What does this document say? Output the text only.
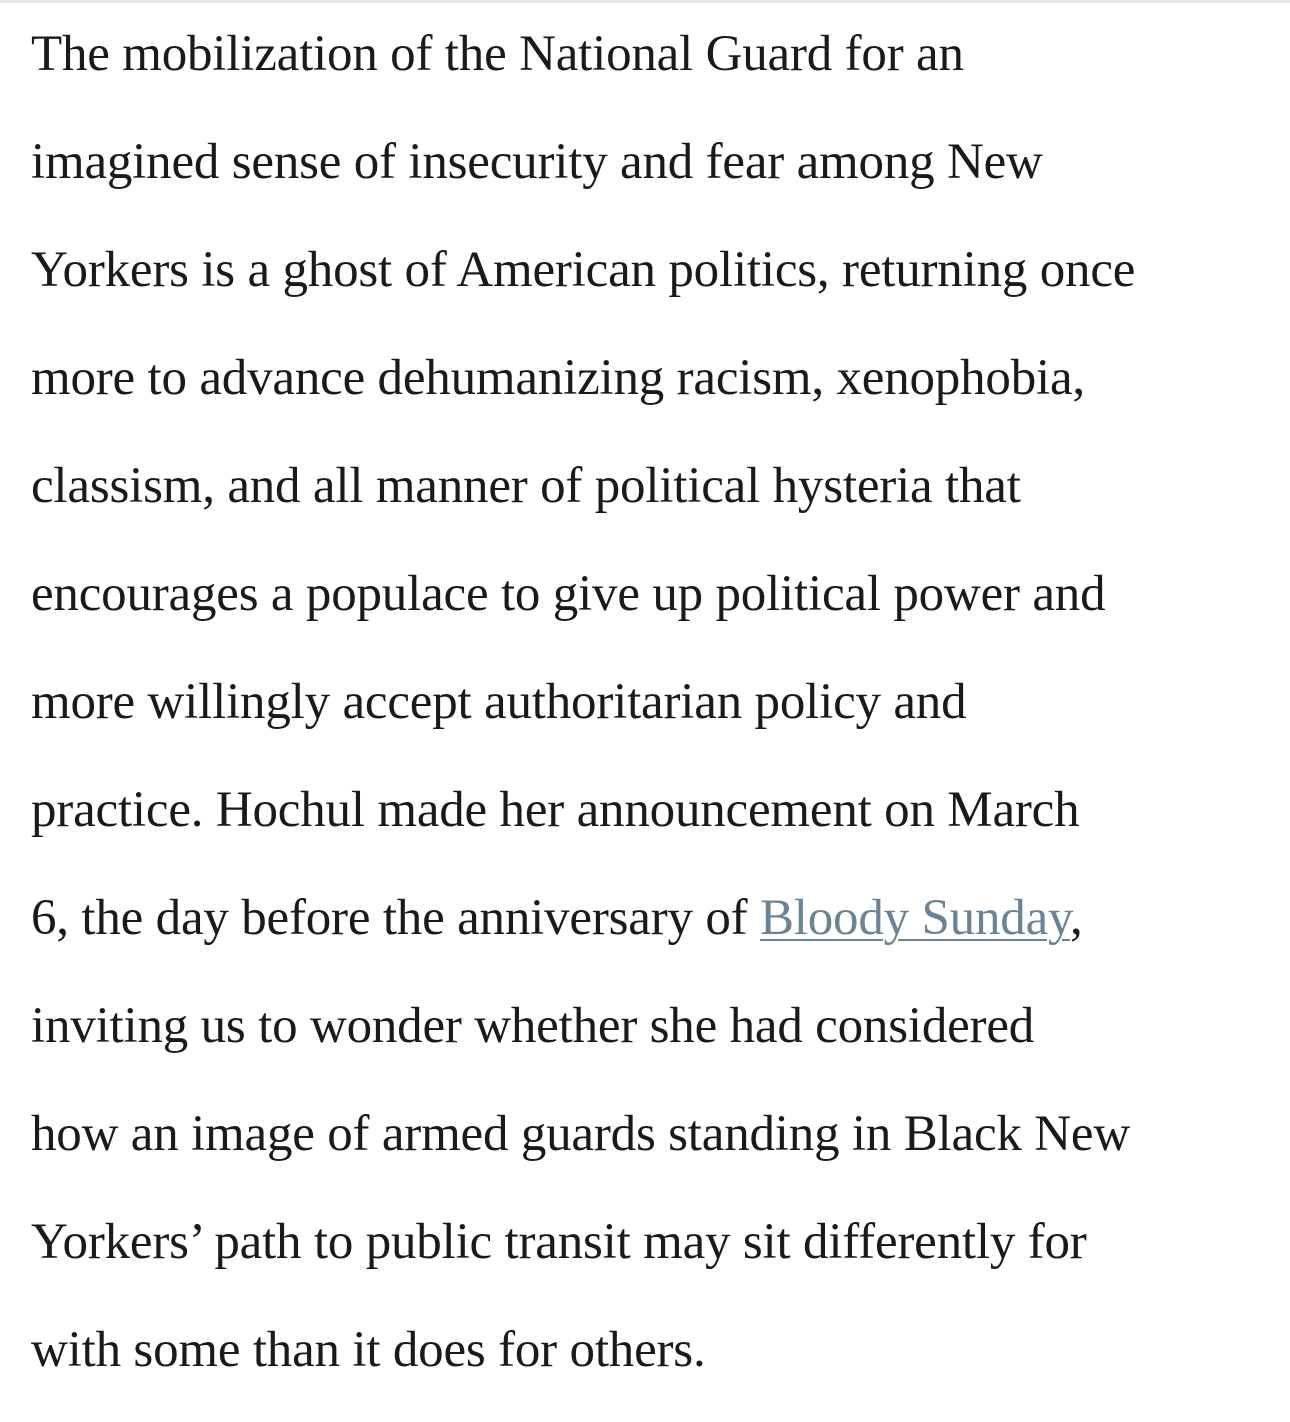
The mobilization of the National Guard for an
imagined sense of insecurity and fear among New
Yorkers is a ghost of American politics, returning once
more to advance dehumanizing racism, xenophobia,
classism, and all manner of political hysteria that
encourages a populace to give up political power and
more willingly accept authoritarian policy and
practice. Hochul made her announcement on March
6, the day before the anniversary of Bloody Sunday,
inviting us to wonder whether she had considered
how an image of armed guards standing in Black New
Yorkers’ path to public transit may sit differently for
with some than it does for others.
